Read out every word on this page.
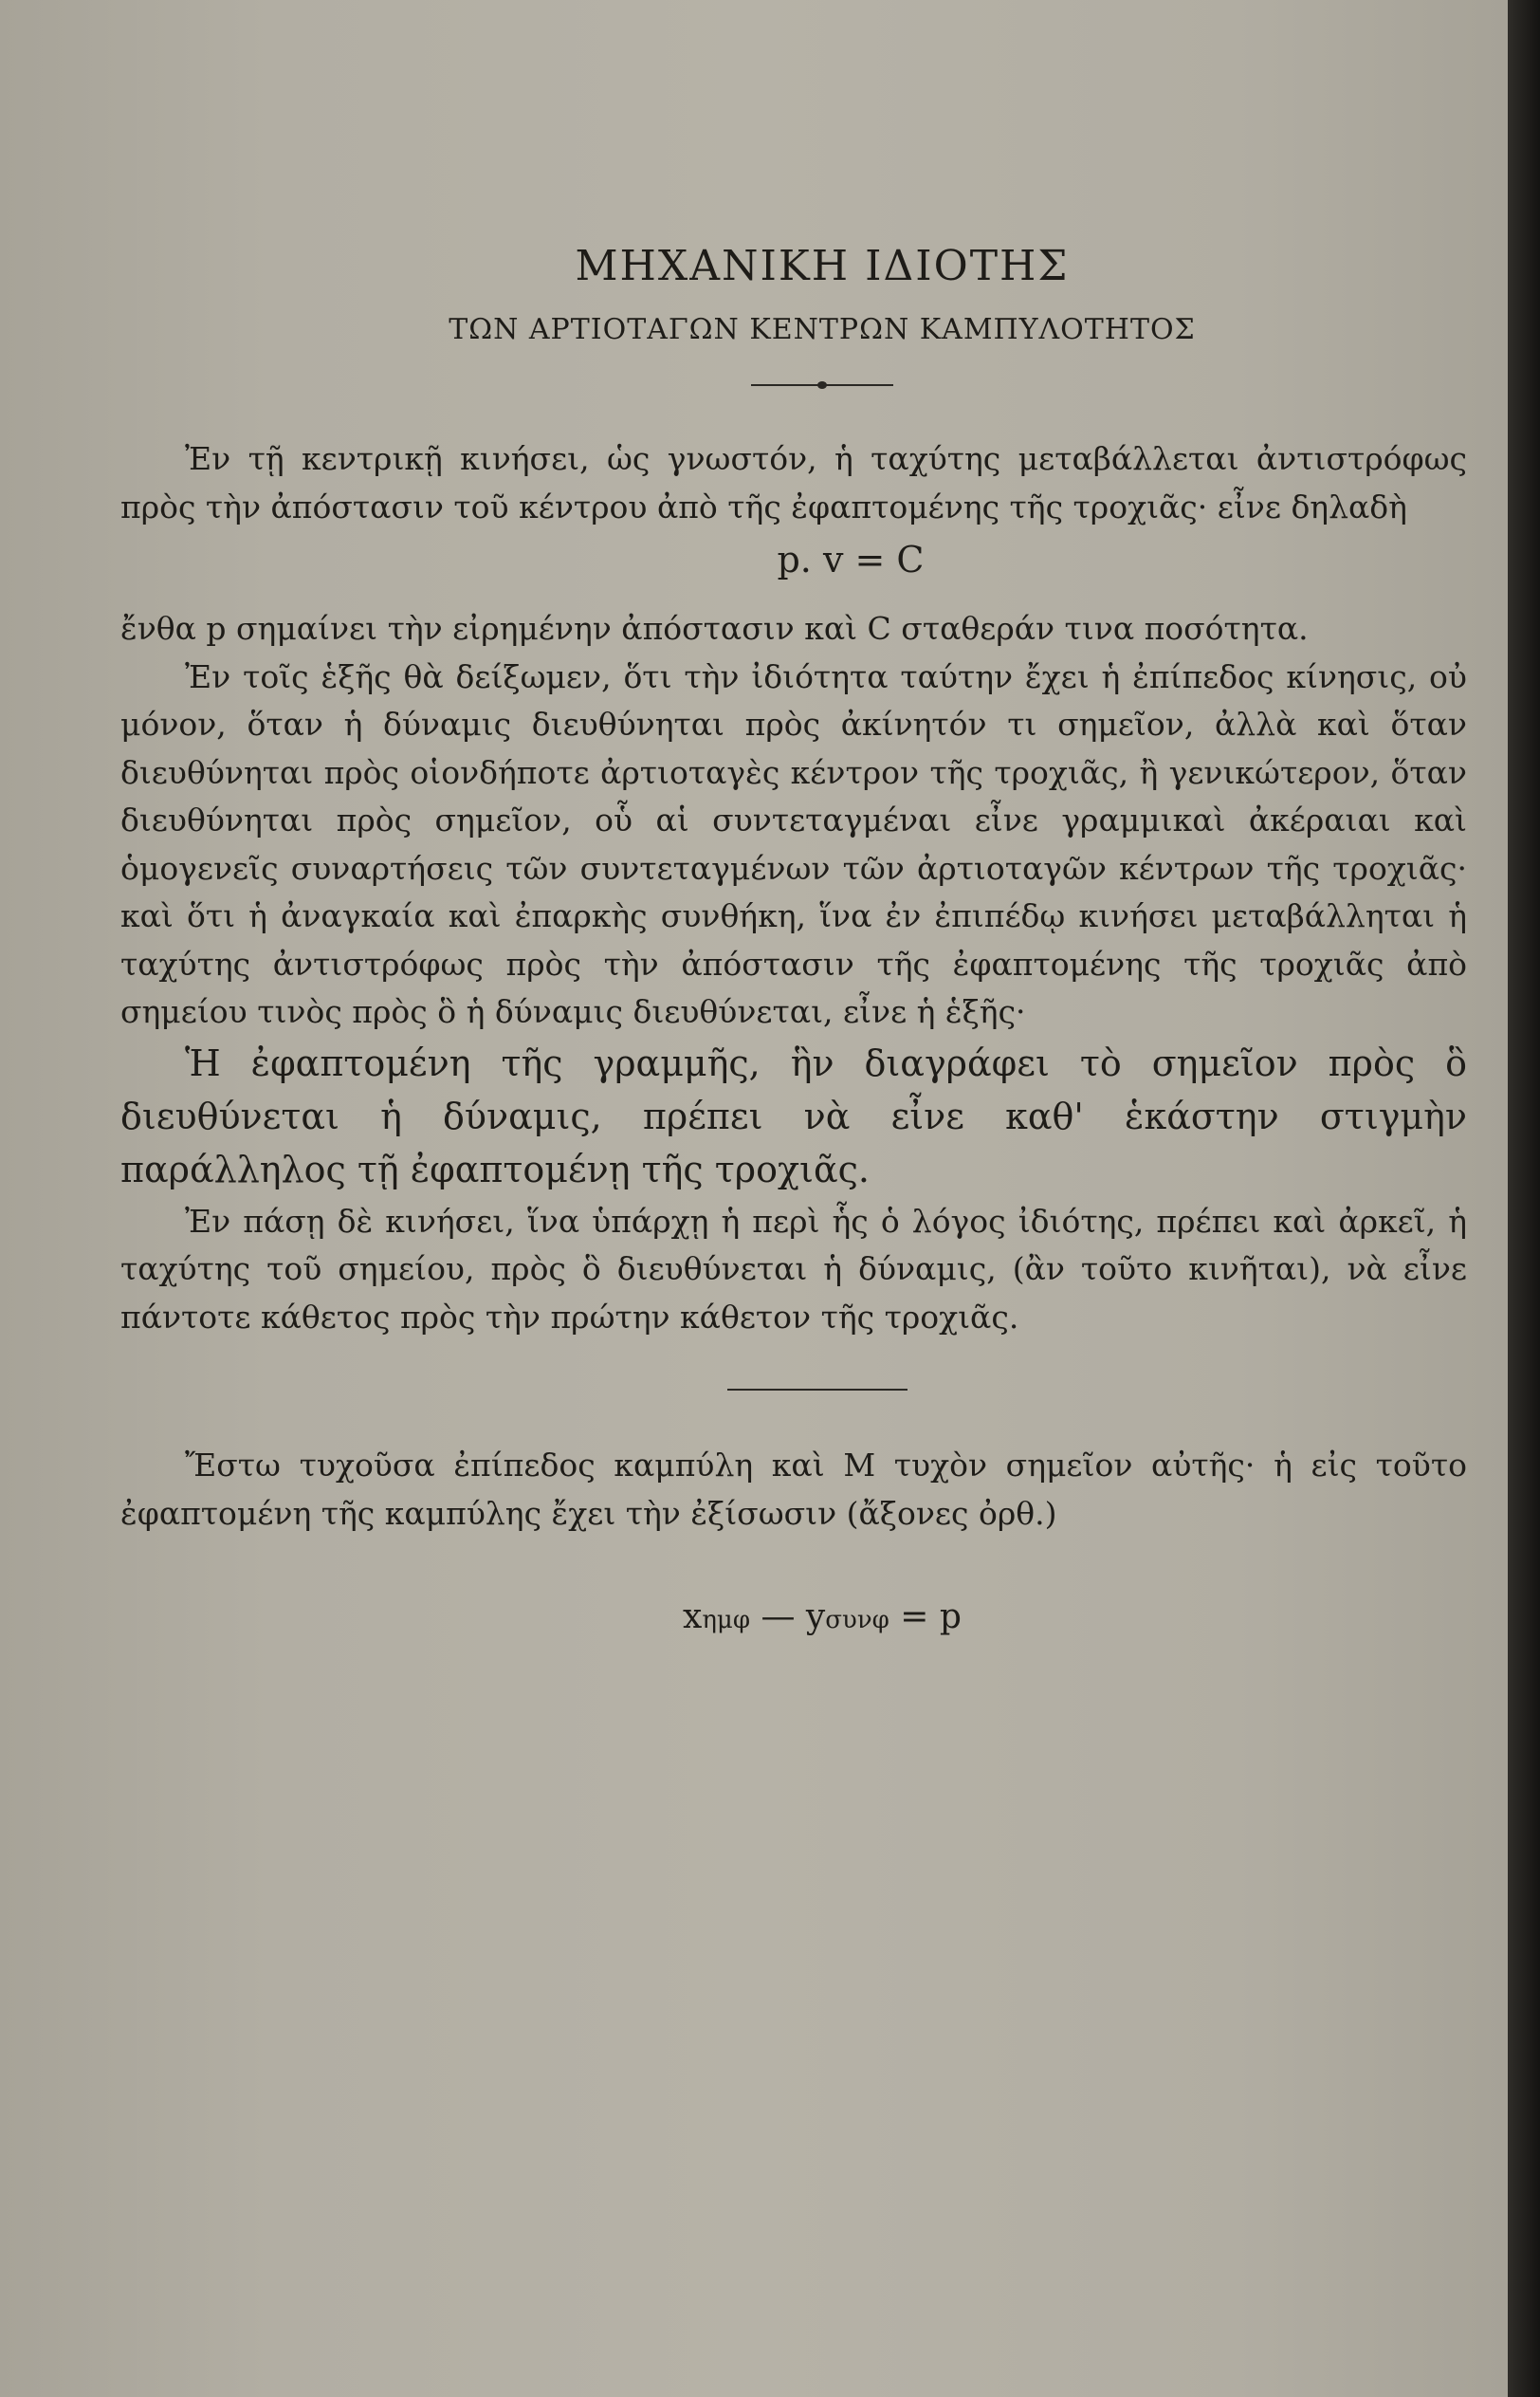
ΜΗΧΑΝΙΚΗ ΙΔΙΟΤΗΣ
ΤΩΝ ΑΡΤΙΟΤΑΓΩΝ ΚΕΝΤΡΩΝ ΚΑΜΠΥΛΟΤΗΤΟΣ

Ἐν τῇ κεντρικῇ κινήσει, ὡς γνωστόν, ἡ ταχύτης μεταβάλλεται ἀντιστρόφως πρὸς τὴν ἀπόστασιν τοῦ κέντρου ἀπὸ τῆς ἐφαπτομένης τῆς τροχιᾶς· εἶνε δηλαδὴ

p. v = C

ἔνθα p σημαίνει τὴν εἰρημένην ἀπόστασιν καὶ C σταθεράν τινα ποσότητα.

Ἐν τοῖς ἑξῆς θὰ δείξωμεν, ὅτι τὴν ἰδιότητα ταύτην ἔχει ἡ ἐπίπεδος κίνησις, οὐ μόνον, ὅταν ἡ δύναμις διευθύνηται πρὸς ἀκίνητόν τι σημεῖον, ἀλλὰ καὶ ὅταν διευθύνηται πρὸς οἱονδήποτε ἀρτιοταγὲς κέντρον τῆς τροχιᾶς, ἢ γενικώτερον, ὅταν διευθύνηται πρὸς σημεῖον, οὗ αἱ συντεταγμέναι εἶνε γραμμικαὶ ἀκέραιαι καὶ ὁμογενεῖς συναρτήσεις τῶν συντεταγμένων τῶν ἀρτιοταγῶν κέντρων τῆς τροχιᾶς· καὶ ὅτι ἡ ἀναγκαία καὶ ἐπαρκὴς συνθήκη, ἵνα ἐν ἐπιπέδῳ κινήσει μεταβάλληται ἡ ταχύτης ἀντιστρόφως πρὸς τὴν ἀπόστασιν τῆς ἐφαπτομένης τῆς τροχιᾶς ἀπὸ σημείου τινὸς πρὸς ὃ ἡ δύναμις διευθύνεται, εἶνε ἡ ἑξῆς·

Ἡ ἐφαπτομένη τῆς γραμμῆς, ἣν διαγράφει τὸ σημεῖον πρὸς ὃ διευθύνεται ἡ δύναμις, πρέπει νὰ εἶνε καθ' ἑκάστην στιγμὴν παράλληλος τῇ ἐφαπτομένῃ τῆς τροχιᾶς.

Ἐν πάσῃ δὲ κινήσει, ἵνα ὑπάρχῃ ἡ περὶ ἧς ὁ λόγος ἰδιότης, πρέπει καὶ ἀρκεῖ, ἡ ταχύτης τοῦ σημείου, πρὸς ὃ διευθύνεται ἡ δύναμις, (ἂν τοῦτο κινῆται), νὰ εἶνε πάντοτε κάθετος πρὸς τὴν πρώτην κάθετον τῆς τροχιᾶς.

Ἔστω τυχοῦσα ἐπίπεδος καμπύλη καὶ M τυχὸν σημεῖον αὐτῆς· ἡ εἰς τοῦτο ἐφαπτομένη τῆς καμπύλης ἔχει τὴν ἐξίσωσιν (ἄξονες ὀρθ.)

xημφ — yσυνφ = p
